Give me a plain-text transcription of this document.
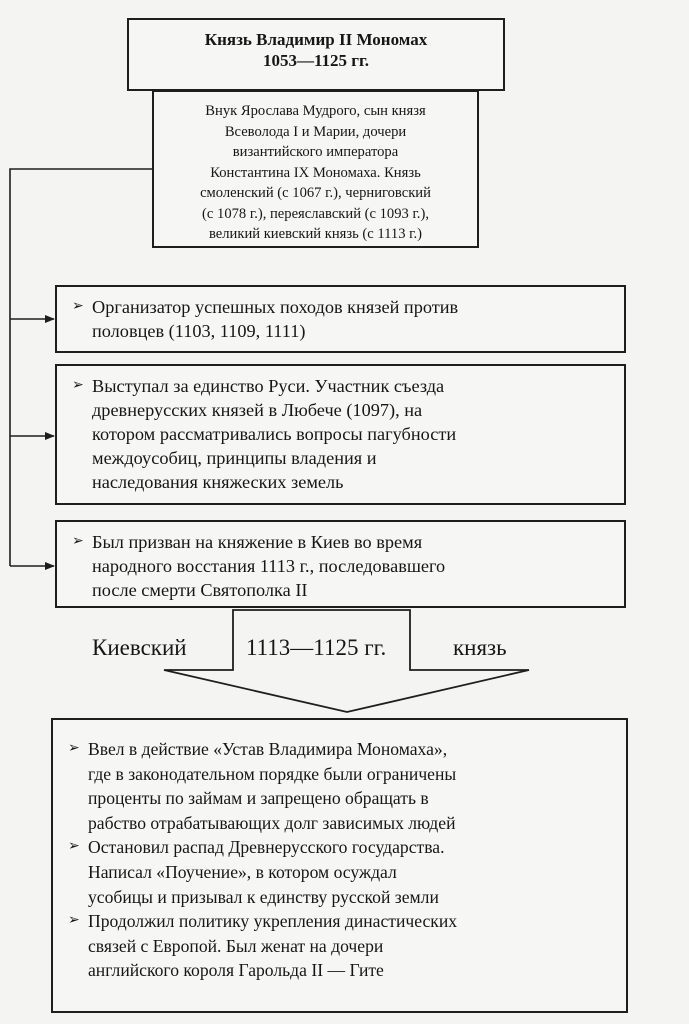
Князь Владимир II Мономах
1053—1125 гг.
Внук Ярослава Мудрого, сын князя
Всеволода I и Марии, дочери
византийского императора
Константина IX Мономаха. Князь
смоленский (с 1067 г.), черниговский
(с 1078 г.), переяславский (с 1093 г.),
великий киевский князь (с 1113 г.)
➢ Организатор успешных походов князей против
половцев (1103, 1109, 1111)
➢ Выступал за единство Руси. Участник съезда
древнерусских князей в Любече (1097), на
котором рассматривались вопросы пагубности
междоусобиц, принципы владения и
наследования княжеских земель
➢ Был призван на княжение в Киев во время
народного восстания 1113 г., последовавшего
после смерти Святополка II
Киевский	1113—1125 гг.	князь
➢ Ввел в действие «Устав Владимира Мономаха»,
где в законодательном порядке были ограничены
проценты по займам и запрещено обращать в
рабство отрабатывающих долг зависимых людей
➢ Остановил распад Древнерусского государства.
Написал «Поучение», в котором осуждал
усобицы и призывал к единству русской земли
➢ Продолжил политику укрепления династических
связей с Европой. Был женат на дочери
английского короля Гарольда II — Гите
